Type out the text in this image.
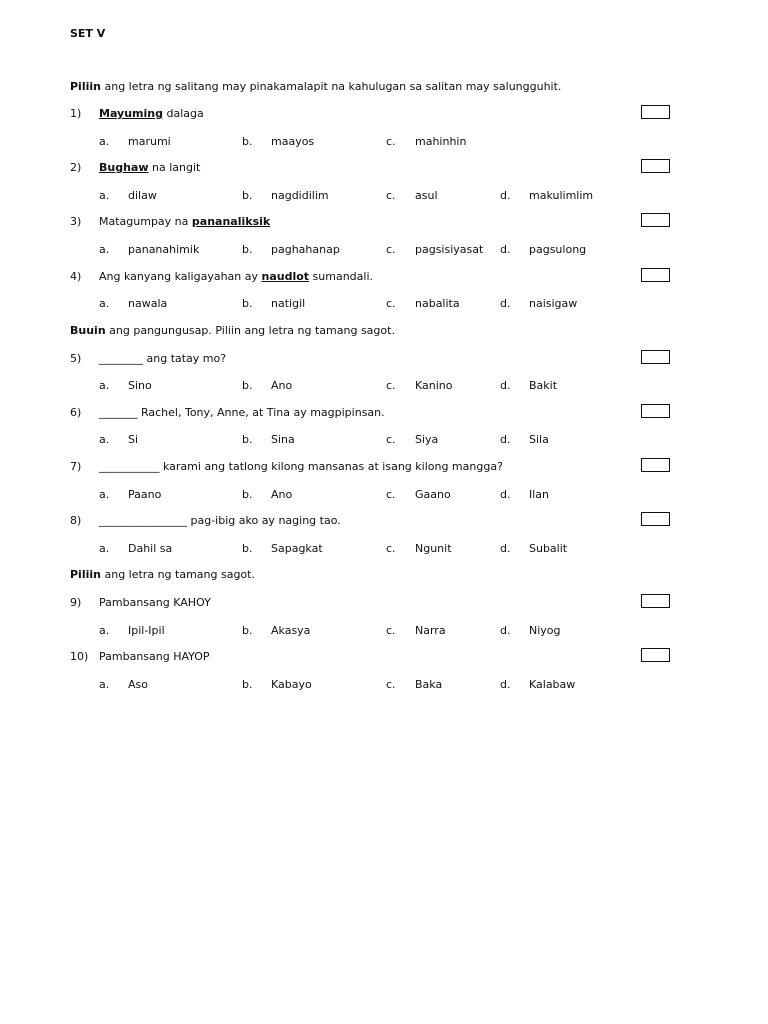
SET V
Piliin ang letra ng salitang may pinakamalapit na kahulugan sa salitan may salungguhit.
1) Mayuming dalaga
a. marumi	b. maayos	c. mahinhin
2) Bughaw na langit
a. dilaw	b. nagdidilim	c. asul	d. makulimlim
3) Matagumpay na pananaliksik
a. pananahimik	b. paghahanap	c. pagsisiyasat d. pagsulong
4) Ang kanyang kaligayahan ay naudlot sumandali.
a. nawala	b. natigil	c. nabalita	d. naisigaw
Buuin ang pangungusap. Piliin ang letra ng tamang sagot.
5) ________ ang tatay mo?
a. Sino	b. Ano	c. Kanino	d. Bakit
6) _______ Rachel, Tony, Anne, at Tina ay magpipinsan.
a. Si	b. Sina	c. Siya	d. Sila
7) ___________ karami ang tatlong kilong mansanas at isang kilong mangga?
a. Paano	b. Ano	c. Gaano	d. Ilan
8) ________________ pag-ibig ako ay naging tao.
a. Dahil sa	b. Sapagkat	c. Ngunit	d. Subalit
Piliin ang letra ng tamang sagot.
9) Pambansang KAHOY
a. Ipil-Ipil	b. Akasya	c. Narra	d. Niyog
10) Pambansang HAYOP
a. Aso	b. Kabayo	c. Baka	d. Kalabaw
